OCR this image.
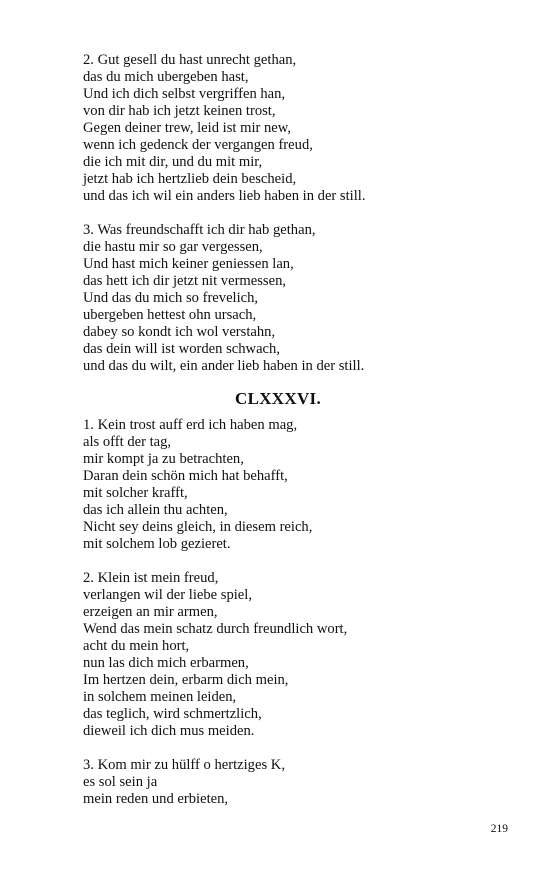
2. Gut gesell du hast unrecht gethan,
das du mich ubergeben hast,
Und ich dich selbst vergriffen han,
von dir hab ich jetzt keinen trost,
Gegen deiner trew, leid ist mir new,
wenn ich gedenck der vergangen freud,
die ich mit dir, und du mit mir,
jetzt hab ich hertzlieb dein bescheid,
und das ich wil ein anders lieb haben in der still.
3. Was freundschafft ich dir hab gethan,
die hastu mir so gar vergessen,
Und hast mich keiner geniessen lan,
das hett ich dir jetzt nit vermessen,
Und das du mich so frevelich,
ubergeben hettest ohn ursach,
dabey so kondt ich wol verstahn,
das dein will ist worden schwach,
und das du wilt, ein ander lieb haben in der still.
CLXXXVI.
1. Kein trost auff erd ich haben mag,
als offt der tag,
mir kompt ja zu betrachten,
Daran dein schön mich hat behafft,
mit solcher krafft,
das ich allein thu achten,
Nicht sey deins gleich, in diesem reich,
mit solchem lob gezieret.
2. Klein ist mein freud,
verlangen wil der liebe spiel,
erzeigen an mir armen,
Wend das mein schatz durch freundlich wort,
acht du mein hort,
nun las dich mich erbarmen,
Im hertzen dein, erbarm dich mein,
in solchem meinen leiden,
das teglich, wird schmertzlich,
dieweil ich dich mus meiden.
3. Kom mir zu hülff o hertziges K,
es sol sein ja
mein reden und erbieten,
219
